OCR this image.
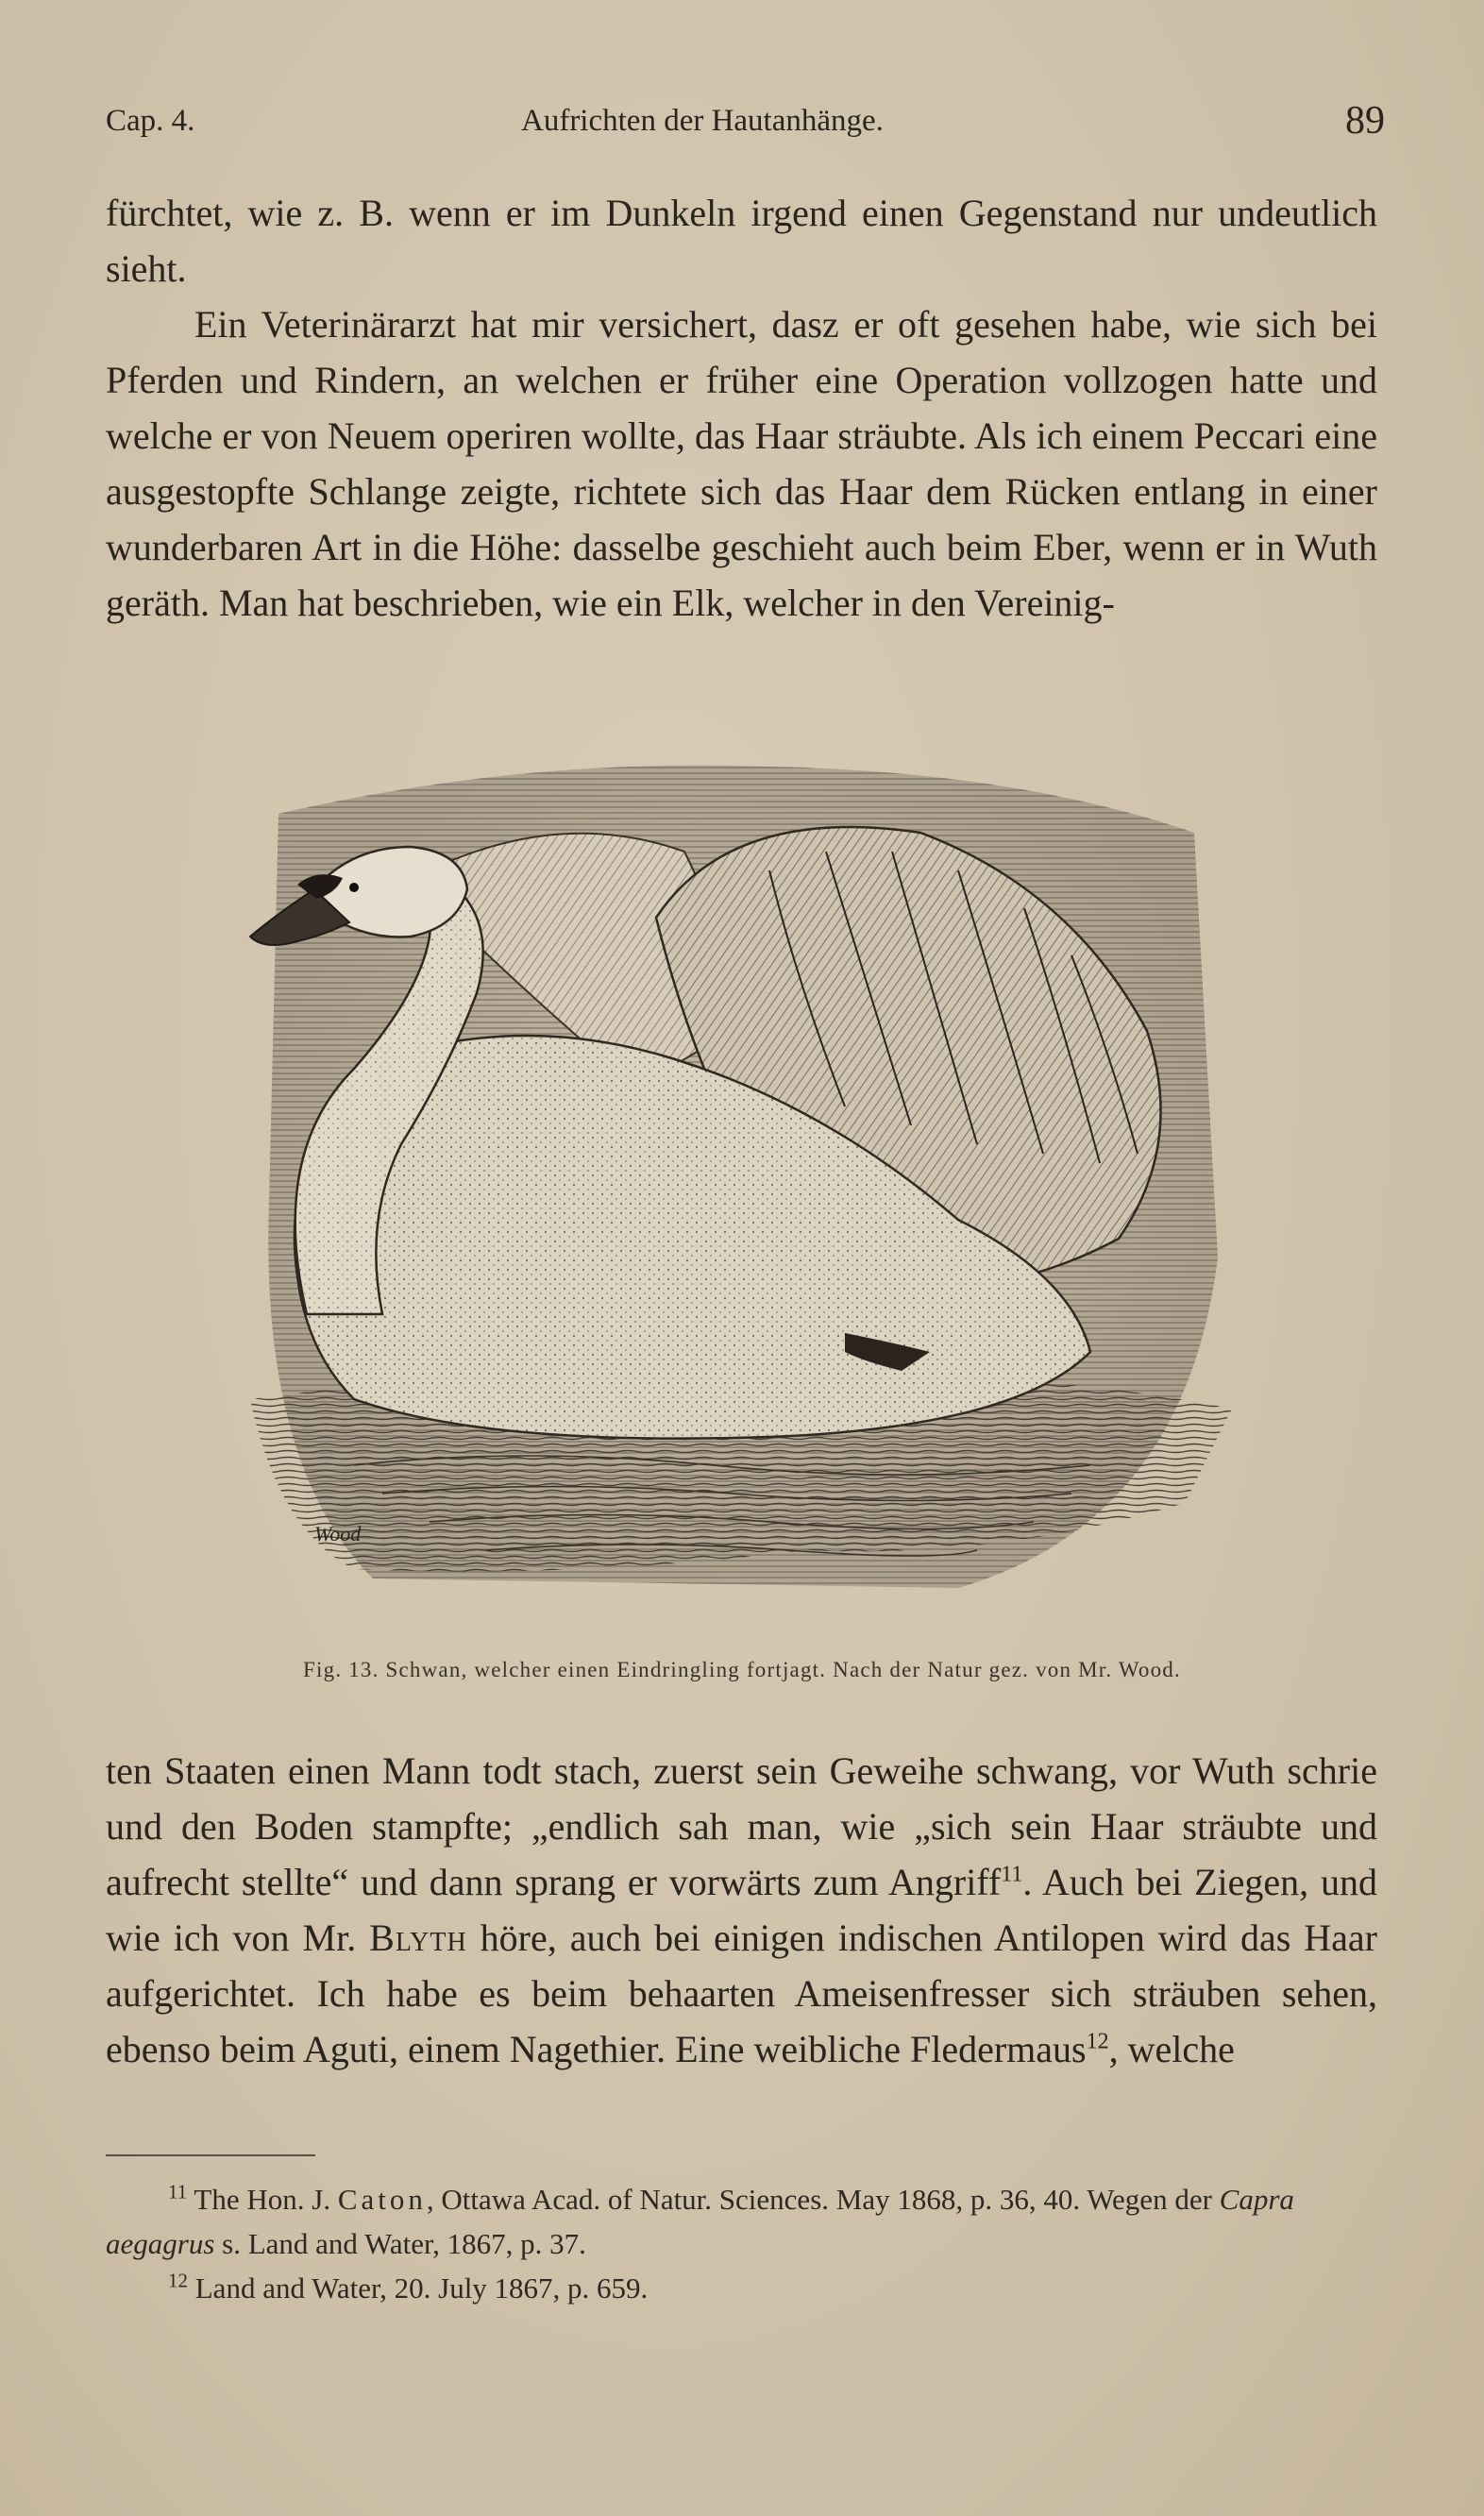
Cap. 4.	Aufrichten der Hautanhänge.	89

fürchtet, wie z. B. wenn er im Dunkeln irgend einen Gegenstand nur undeutlich sieht.

Ein Veterinärarzt hat mir versichert, dasz er oft gesehen habe, wie sich bei Pferden und Rindern, an welchen er früher eine Operation vollzogen hatte und welche er von Neuem operiren wollte, das Haar sträubte. Als ich einem Peccari eine ausgestopfte Schlange zeigte, richtete sich das Haar dem Rücken entlang in einer wunderbaren Art in die Höhe: dasselbe geschieht auch beim Eber, wenn er in Wuth geräth. Man hat beschrieben, wie ein Elk, welcher in den Vereinig-

Wood
Fig. 13. Schwan, welcher einen Eindringling fortjagt. Nach der Natur gez. von Mr. Wood.

ten Staaten einen Mann todt stach, zuerst sein Geweihe schwang, vor Wuth schrie und den Boden stampfte; „endlich sah man, wie „sich sein Haar sträubte und aufrecht stellte“ und dann sprang er vorwärts zum Angriff$^{11}$. Auch bei Ziegen, und wie ich von Mr. Blyth höre, auch bei einigen indischen Antilopen wird das Haar aufgerichtet. Ich habe es beim behaarten Ameisenfresser sich sträuben sehen, ebenso beim Aguti, einem Nagethier. Eine weibliche Fledermaus$^{12}$, welche

$^{11}$ The Hon. J. Caton, Ottawa Acad. of Natur. Sciences. May 1868, p. 36, 40. Wegen der Capra aegagrus s. Land and Water, 1867, p. 37.
$^{12}$ Land and Water, 20. July 1867, p. 659.
